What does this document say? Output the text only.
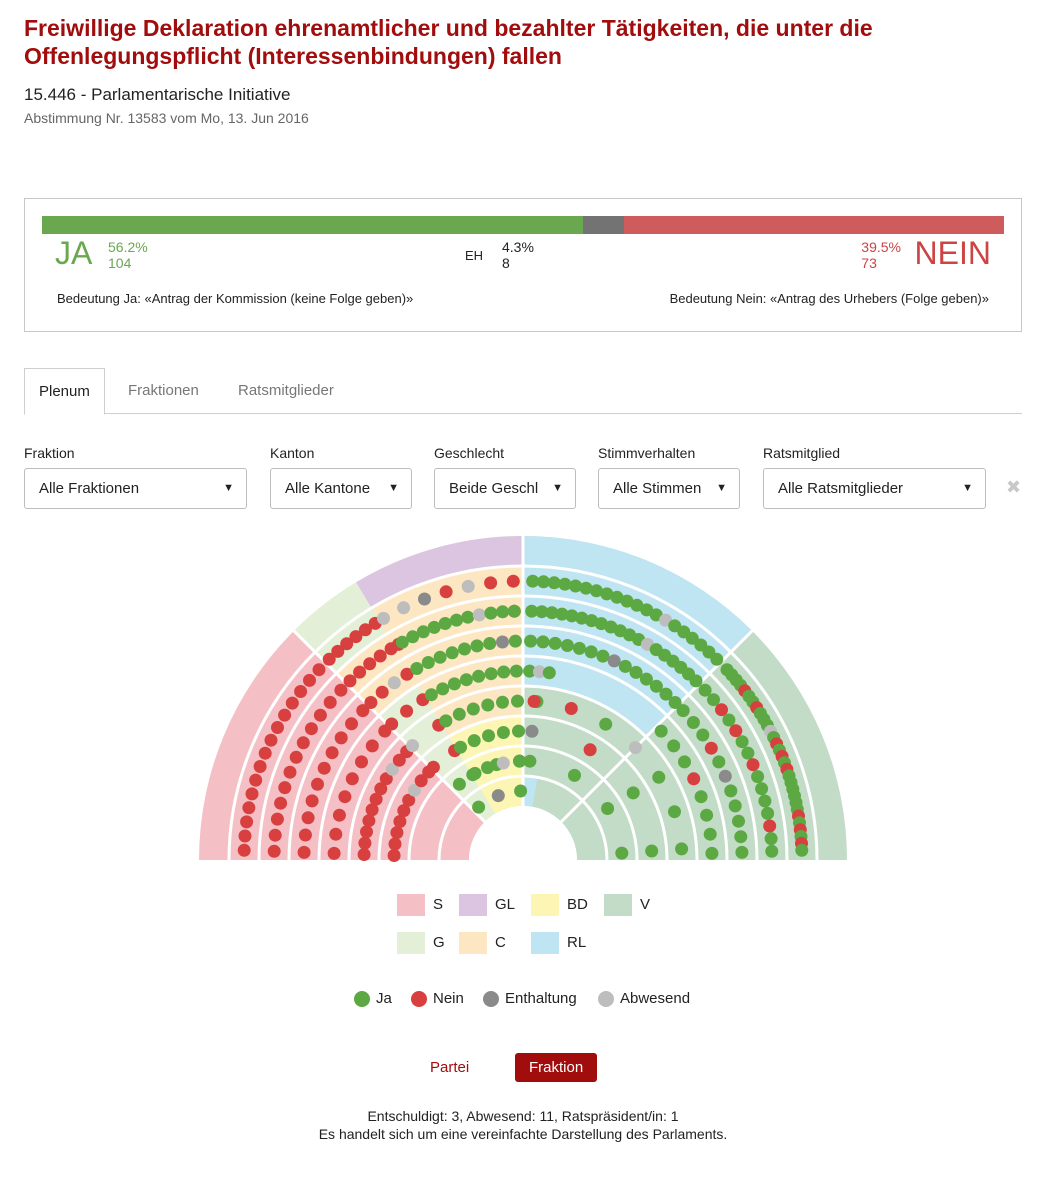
Freiwillige Deklaration ehrenamtlicher und bezahlter Tätigkeiten, die unter die Offenlegungspflicht (Interessenbindungen) fallen
15.446 - Parlamentarische Initiative
Abstimmung Nr. 13583 vom Mo, 13. Jun 2016
JA 56.2%
104	EH
4.3%
8
39.5%
73	NEIN
Bedeutung Ja: «Antrag der Kommission (keine Folge geben)»	Bedeutung Nein: «Antrag des Urhebers (Folge geben)»
Plenum	Fraktionen	Ratsmitglieder
Fraktion	Kanton	Geschlecht	Stimmverhalten	Ratsmitglied
Alle Fraktionen	▼	Alle Kantone ▼	Beide Geschl	▼	Alle Stimmen ▼	Alle Ratsmitglieder	▼ ✖
S	GL	BD	V
G	C	RL
Ja	Nein	Enthaltung	Abwesend
Partei	Fraktion
Entschuldigt: 3, Abwesend: 11, Ratspräsident/in: 1
Es handelt sich um eine vereinfachte Darstellung des Parlaments.
